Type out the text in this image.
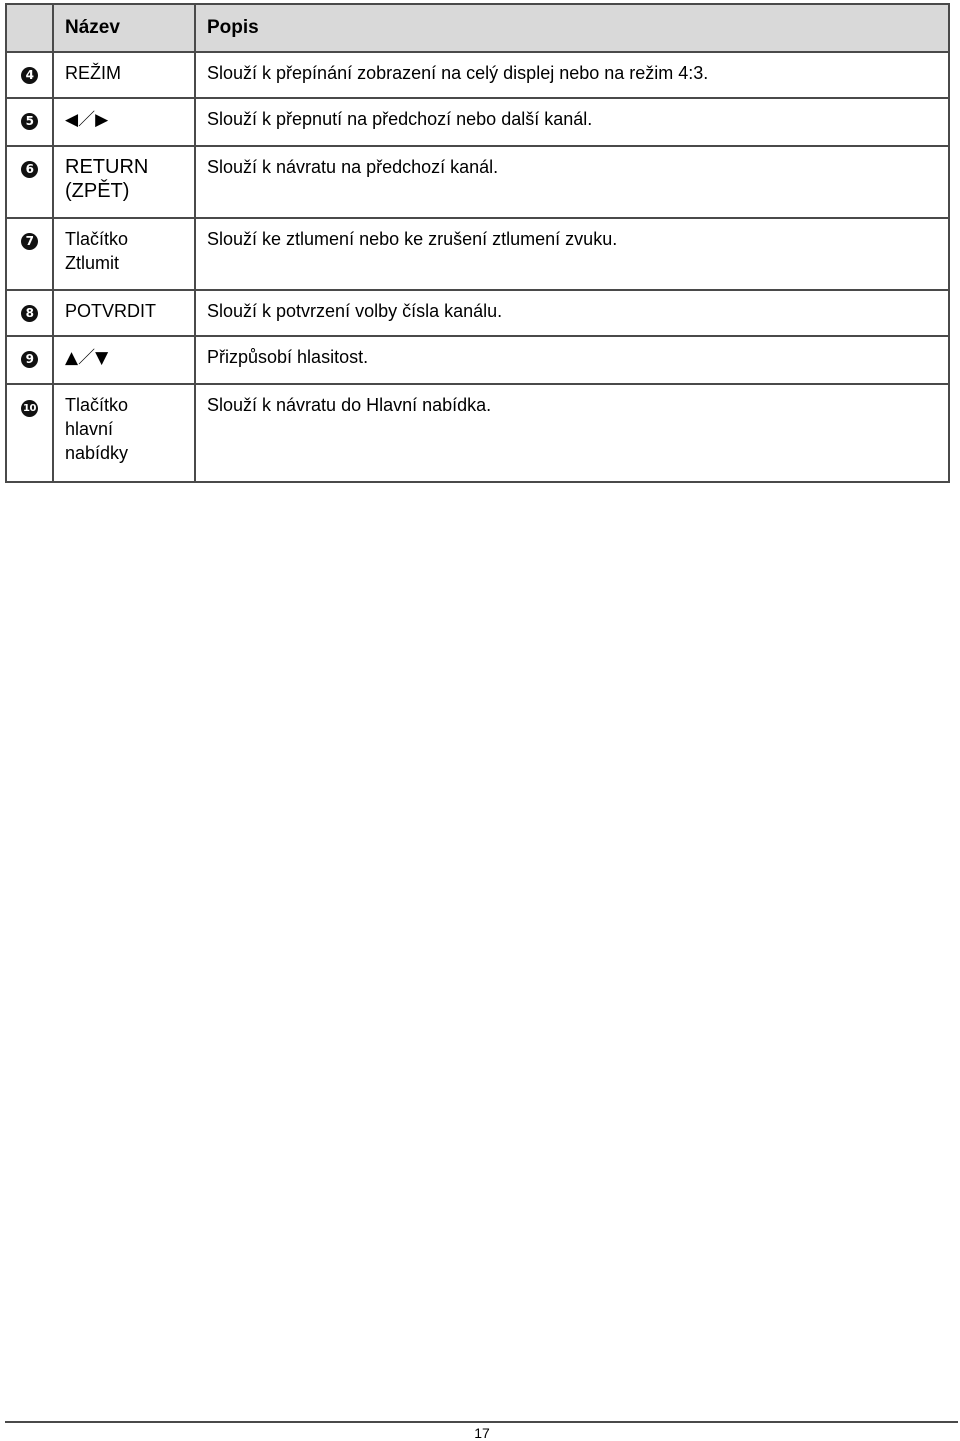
	Název	Popis
4	REŽIM	Slouží k přepínání zobrazení na celý displej nebo na režim 4:3.
5	◀／▶	Slouží k přepnutí na předchozí nebo další kanál.
6	RETURN (ZPĚT)	Slouží k návratu na předchozí kanál.
7	Tlačítko Ztlumit	Slouží ke ztlumení nebo ke zrušení ztlumení zvuku.
8	POTVRDIT	Slouží k potvrzení volby čísla kanálu.
9	▲／▼	Přizpůsobí hlasitost.
10	Tlačítko hlavní nabídky	Slouží k návratu do Hlavní nabídka.
17
